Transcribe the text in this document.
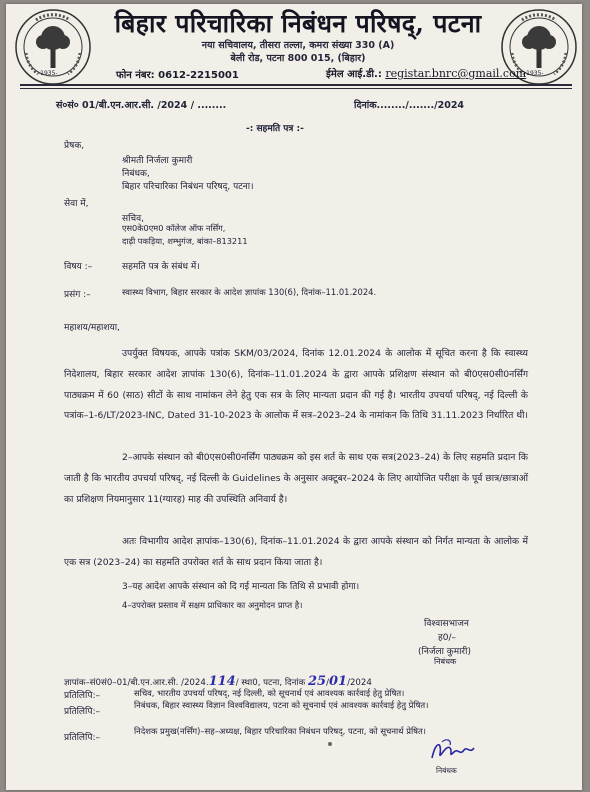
-1935-	-1935-
बिहार परिचारिका निबंधन परिषद्, पटना
नया सचिवालय, तीसरा तल्ला, कमरा संख्या 330 (A)
बेली रोड, पटना 800 015, (बिहार)
फोन नंबर: 0612-2215001	ईमेल आई.डी.: registar.bnrc@gmail.com
सं०सं० 01/बी.एन.आर.सी. /2024 / ........	दिनांक......../......./2024
-: सहमति पत्र :-
प्रेषक,
श्रीमती निर्जला कुमारी
निबंधक,
बिहार परिचारिका निबंधन परिषद्, पटना।
सेवा में,
सचिव,
एस0के0एम0 कॉलेज ऑफ नर्सिंग,
दाढ़ी पकड़िया, शम्भुगंज, बांका–813211
विषय :–	सहमति पत्र के संबंध में।
प्रसंग :–	स्वास्थ्य विभाग, बिहार सरकार के आदेश ज्ञापांक 130(6), दिनांक–11.01.2024.
महाशय/महाशया,
उपर्युक्त विषयक, आपके पत्रांक SKM/03/2024, दिनांक 12.01.2024 के आलोक में सूचित करना है कि स्वास्थ्य निदेशालय, बिहार सरकार आदेश ज्ञापांक 130(6), दिनांक–11.01.2024 के द्वारा आपके प्रशिक्षण संस्थान को बी0एस0सी0नर्सिंग पाठ्यक्रम में 60 (साठ) सीटों के साथ नामांकन लेने हेतु एक सत्र के लिए मान्यता प्रदान की गई है। भारतीय उपचर्या परिषद्, नई दिल्ली के पत्रांक–1-6/LT/2023-INC, Dated 31-10-2023 के आलोक में सत्र–2023–24 के नामांकन कि तिथि 31.11.2023 निर्धारित थी।
2–आपके संस्थान को बी0एस0सी0नर्सिंग पाठ्यक्रम को इस शर्त के साथ एक सत्र(2023–24) के लिए सहमति प्रदान कि जाती है कि भारतीय उपचर्या परिषद्, नई दिल्ली के Guidelines के अनुसार अक्टूबर–2024 के लिए आयोजित परीक्षा के पूर्व छात्र/छात्राओं का प्रशिक्षण नियमानुसार 11(ग्यारह) माह की उपस्थिति अनिवार्य है।
अतः विभागीय आदेश ज्ञापांक–130(6), दिनांक–11.01.2024 के द्वारा आपके संस्थान को निर्गत मान्यता के आलोक में एक सत्र (2023–24) का सहमति उपरोक्त शर्त के साथ प्रदान किया जाता है।
3–यह आदेश आपके संस्थान को दि गई मान्यता कि तिथि से प्रभावी होगा।
4–उपरोक्त प्रस्ताव में सक्षम प्राधिकार का अनुमोदन प्राप्त है।
विश्वासभाजन
ह0/–
(निर्जला कुमारी)
निबंधक
ज्ञापांक–सं0सं0–01/बी.एन.आर.सी. /2024.114/ स्था0, पटना, दिनांक 25/01/2024
प्रतिलिपि:–	सचिव, भारतीय उपचर्या परिषद्, नई दिल्ली, को सूचनार्थ एवं आवश्यक कार्रवाई हेतु प्रेषित।
प्रतिलिपि:–
निबंधक, बिहार स्वास्थ्य विज्ञान विश्वविद्यालय, पटना को सूचनार्थ एवं आवश्यक कार्रवाई हेतु प्रेषित।
प्रतिलिपि:–
निदेशक प्रमुख(नर्सिंग)–सह–अध्यक्ष, बिहार परिचारिका निबंधन परिषद्, पटना, को सूचनार्थ प्रेषित।
निबंधक
